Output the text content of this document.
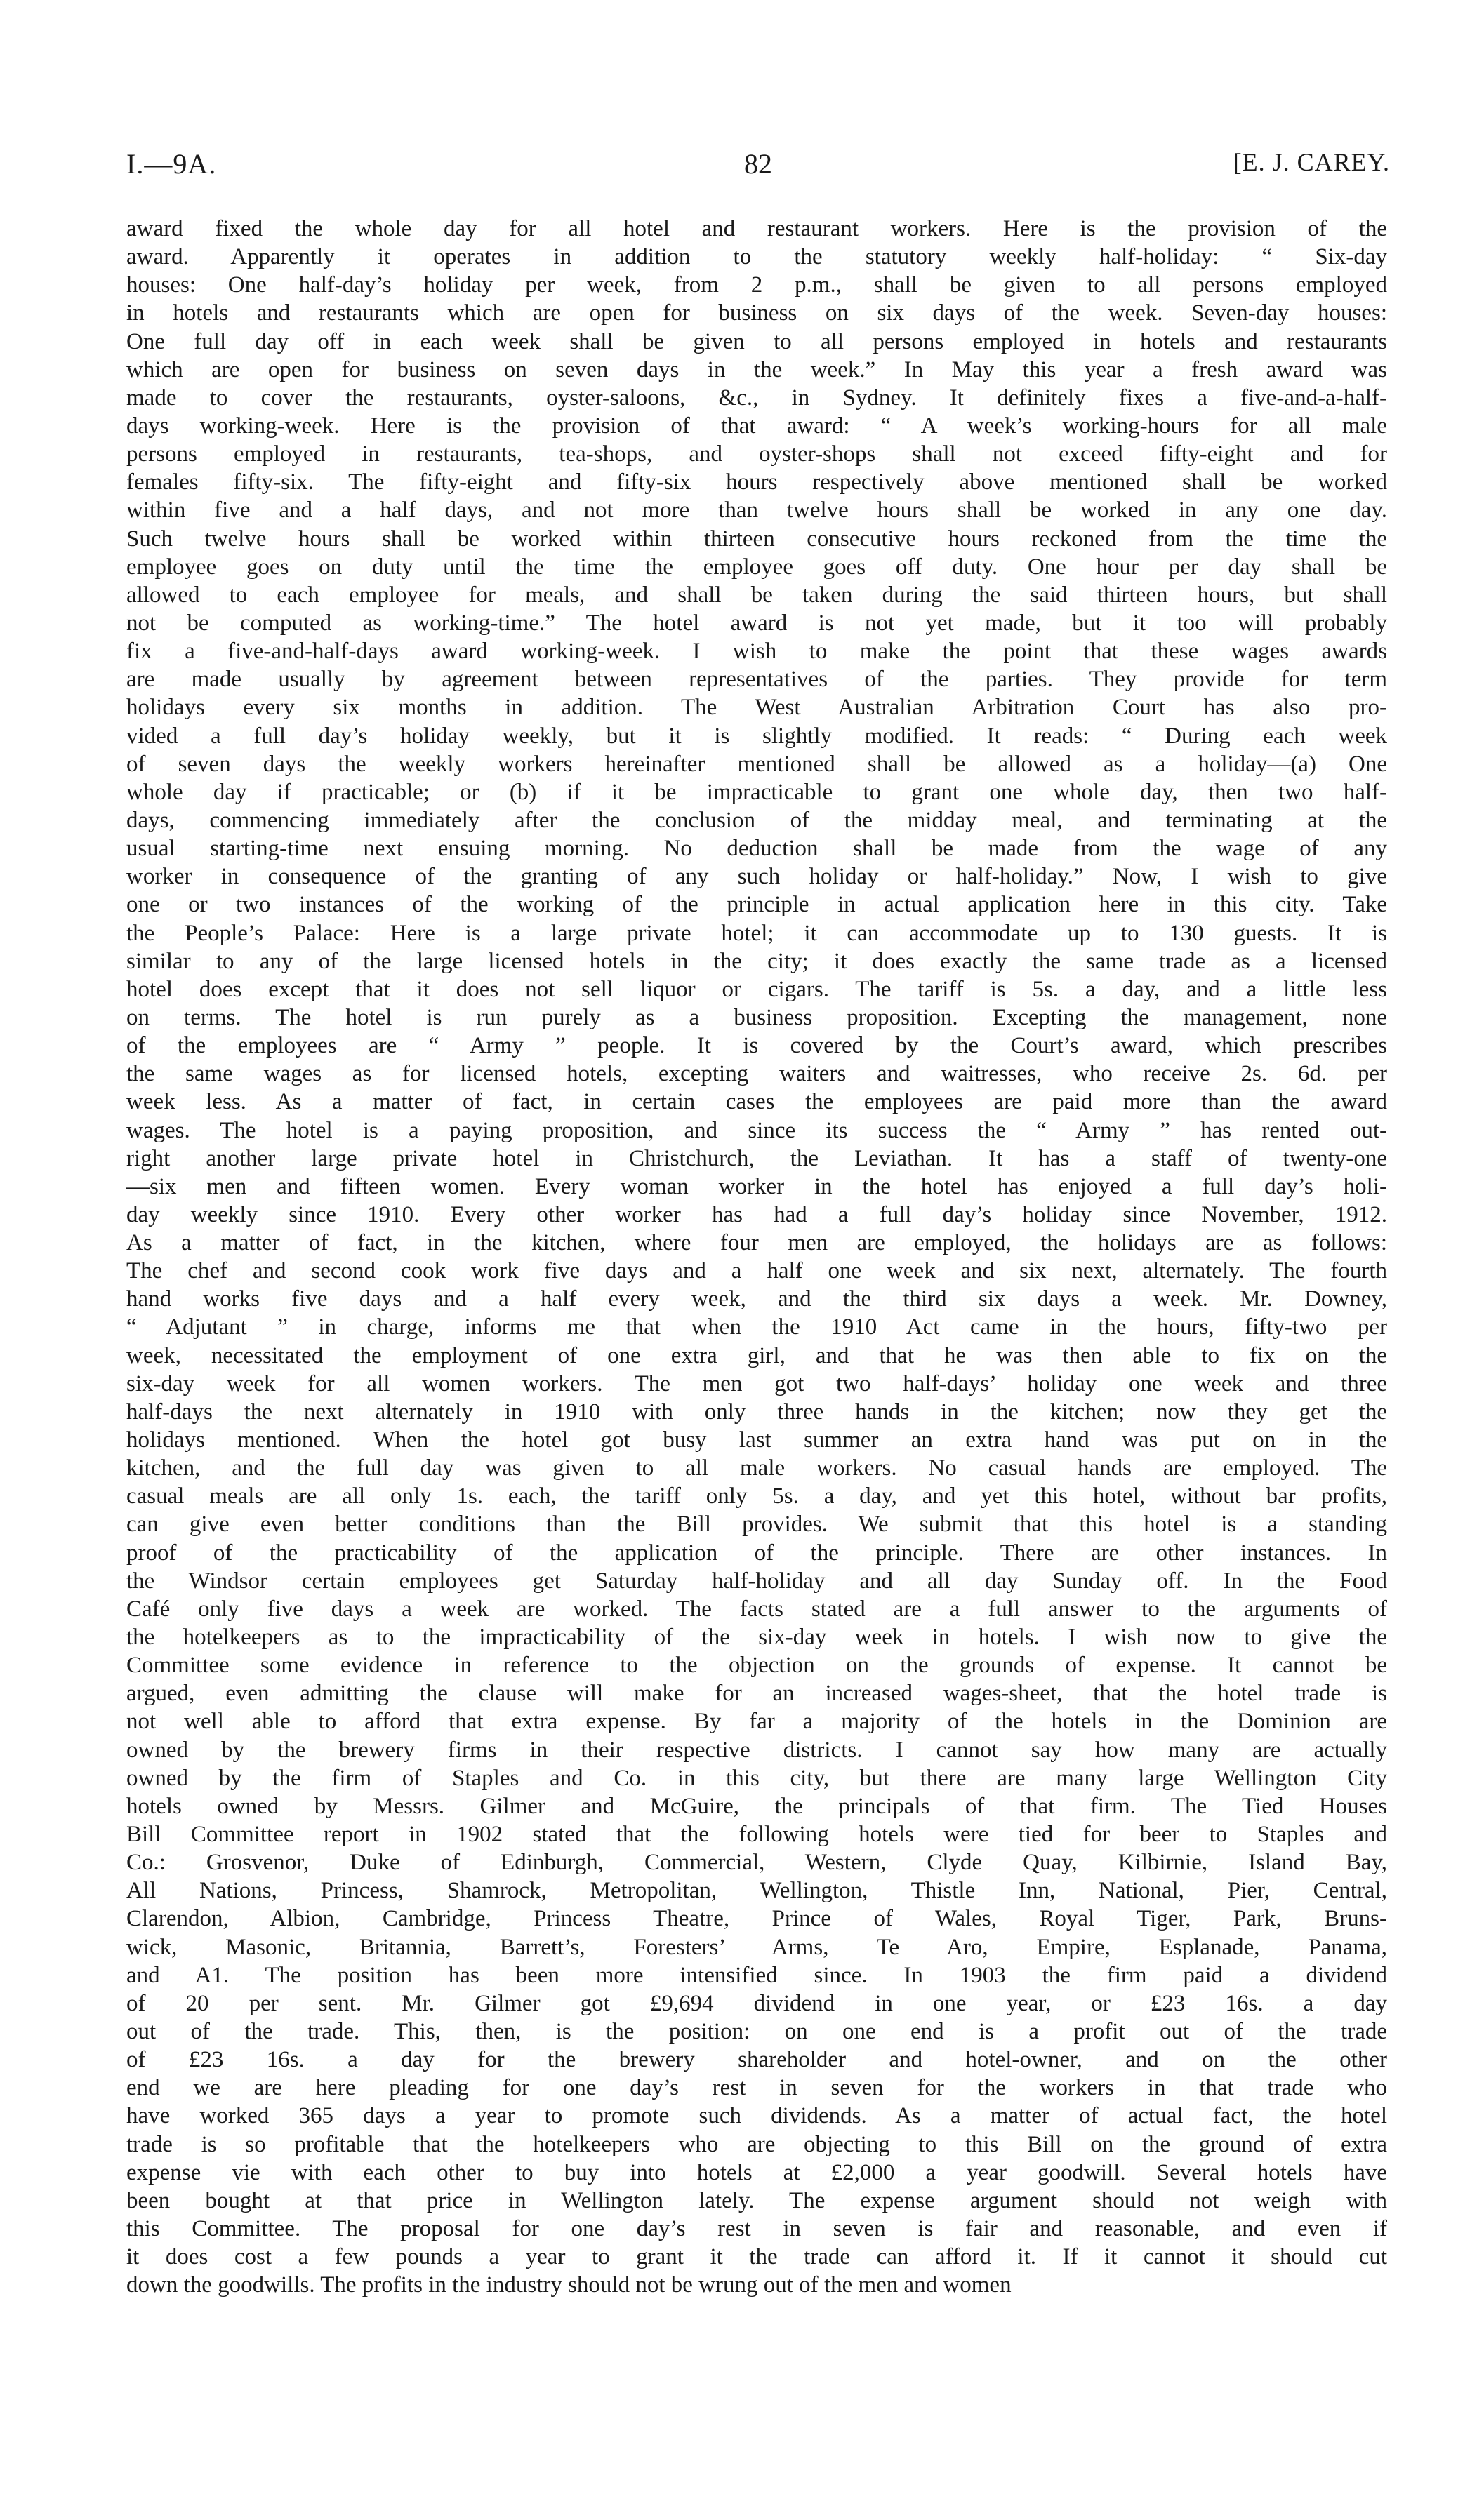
I.—9A.	82	[E. J. CAREY.
award fixed the whole day for all hotel and restaurant workers. Here is the provision of the
award. Apparently it operates in addition to the statutory weekly half-holiday: “ Six-day
houses: One half-day’s holiday per week, from 2 p.m., shall be given to all persons employed
in hotels and restaurants which are open for business on six days of the week. Seven-day houses:
One full day off in each week shall be given to all persons employed in hotels and restaurants
which are open for business on seven days in the week.” In May this year a fresh award was
made to cover the restaurants, oyster-saloons, &c., in Sydney. It definitely fixes a five-and-a-half-
days working-week. Here is the provision of that award: “ A week’s working-hours for all male
persons employed in restaurants, tea-shops, and oyster-shops shall not exceed fifty-eight and for
females fifty-six. The fifty-eight and fifty-six hours respectively above mentioned shall be worked
within five and a half days, and not more than twelve hours shall be worked in any one day.
Such twelve hours shall be worked within thirteen consecutive hours reckoned from the time the
employee goes on duty until the time the employee goes off duty. One hour per day shall be
allowed to each employee for meals, and shall be taken during the said thirteen hours, but shall
not be computed as working-time.” The hotel award is not yet made, but it too will probably
fix a five-and-half-days award working-week. I wish to make the point that these wages awards
are made usually by agreement between representatives of the parties. They provide for term
holidays every six months in addition. The West Australian Arbitration Court has also pro-
vided a full day’s holiday weekly, but it is slightly modified. It reads: “ During each week
of seven days the weekly workers hereinafter mentioned shall be allowed as a holiday—(a) One
whole day if practicable; or (b) if it be impracticable to grant one whole day, then two half-
days, commencing immediately after the conclusion of the midday meal, and terminating at the
usual starting-time next ensuing morning. No deduction shall be made from the wage of any
worker in consequence of the granting of any such holiday or half-holiday.” Now, I wish to give
one or two instances of the working of the principle in actual application here in this city. Take
the People’s Palace: Here is a large private hotel; it can accommodate up to 130 guests. It is
similar to any of the large licensed hotels in the city; it does exactly the same trade as a licensed
hotel does except that it does not sell liquor or cigars. The tariff is 5s. a day, and a little less
on terms. The hotel is run purely as a business proposition. Excepting the management, none
of the employees are “ Army ” people. It is covered by the Court’s award, which prescribes
the same wages as for licensed hotels, excepting waiters and waitresses, who receive 2s. 6d. per
week less. As a matter of fact, in certain cases the employees are paid more than the award
wages. The hotel is a paying proposition, and since its success the “ Army ” has rented out-
right another large private hotel in Christchurch, the Leviathan. It has a staff of twenty-one
—six men and fifteen women. Every woman worker in the hotel has enjoyed a full day’s holi-
day weekly since 1910. Every other worker has had a full day’s holiday since November, 1912.
As a matter of fact, in the kitchen, where four men are employed, the holidays are as follows:
The chef and second cook work five days and a half one week and six next, alternately. The fourth
hand works five days and a half every week, and the third six days a week. Mr. Downey,
“ Adjutant ” in charge, informs me that when the 1910 Act came in the hours, fifty-two per
week, necessitated the employment of one extra girl, and that he was then able to fix on the
six-day week for all women workers. The men got two half-days’ holiday one week and three
half-days the next alternately in 1910 with only three hands in the kitchen; now they get the
holidays mentioned. When the hotel got busy last summer an extra hand was put on in the
kitchen, and the full day was given to all male workers. No casual hands are employed. The
casual meals are all only 1s. each, the tariff only 5s. a day, and yet this hotel, without bar profits,
can give even better conditions than the Bill provides. We submit that this hotel is a standing
proof of the practicability of the application of the principle. There are other instances. In
the Windsor certain employees get Saturday half-holiday and all day Sunday off. In the Food
Café only five days a week are worked. The facts stated are a full answer to the arguments of
the hotelkeepers as to the impracticability of the six-day week in hotels. I wish now to give the
Committee some evidence in reference to the objection on the grounds of expense. It cannot be
argued, even admitting the clause will make for an increased wages-sheet, that the hotel trade is
not well able to afford that extra expense. By far a majority of the hotels in the Dominion are
owned by the brewery firms in their respective districts. I cannot say how many are actually
owned by the firm of Staples and Co. in this city, but there are many large Wellington City
hotels owned by Messrs. Gilmer and McGuire, the principals of that firm. The Tied Houses
Bill Committee report in 1902 stated that the following hotels were tied for beer to Staples and
Co.: Grosvenor, Duke of Edinburgh, Commercial, Western, Clyde Quay, Kilbirnie, Island Bay,
All Nations, Princess, Shamrock, Metropolitan, Wellington, Thistle Inn, National, Pier, Central,
Clarendon, Albion, Cambridge, Princess Theatre, Prince of Wales, Royal Tiger, Park, Bruns-
wick, Masonic, Britannia, Barrett’s, Foresters’ Arms, Te Aro, Empire, Esplanade, Panama,
and A1. The position has been more intensified since. In 1903 the firm paid a dividend
of 20 per sent. Mr. Gilmer got £9,694 dividend in one year, or £23 16s. a day
out of the trade. This, then, is the position: on one end is a profit out of the trade
of £23 16s. a day for the brewery shareholder and hotel-owner, and on the other
end we are here pleading for one day’s rest in seven for the workers in that trade who
have worked 365 days a year to promote such dividends. As a matter of actual fact, the hotel
trade is so profitable that the hotelkeepers who are objecting to this Bill on the ground of extra
expense vie with each other to buy into hotels at £2,000 a year goodwill. Several hotels have
been bought at that price in Wellington lately. The expense argument should not weigh with
this Committee. The proposal for one day’s rest in seven is fair and reasonable, and even if
it does cost a few pounds a year to grant it the trade can afford it. If it cannot it should cut
down the goodwills. The profits in the industry should not be wrung out of the men and women
